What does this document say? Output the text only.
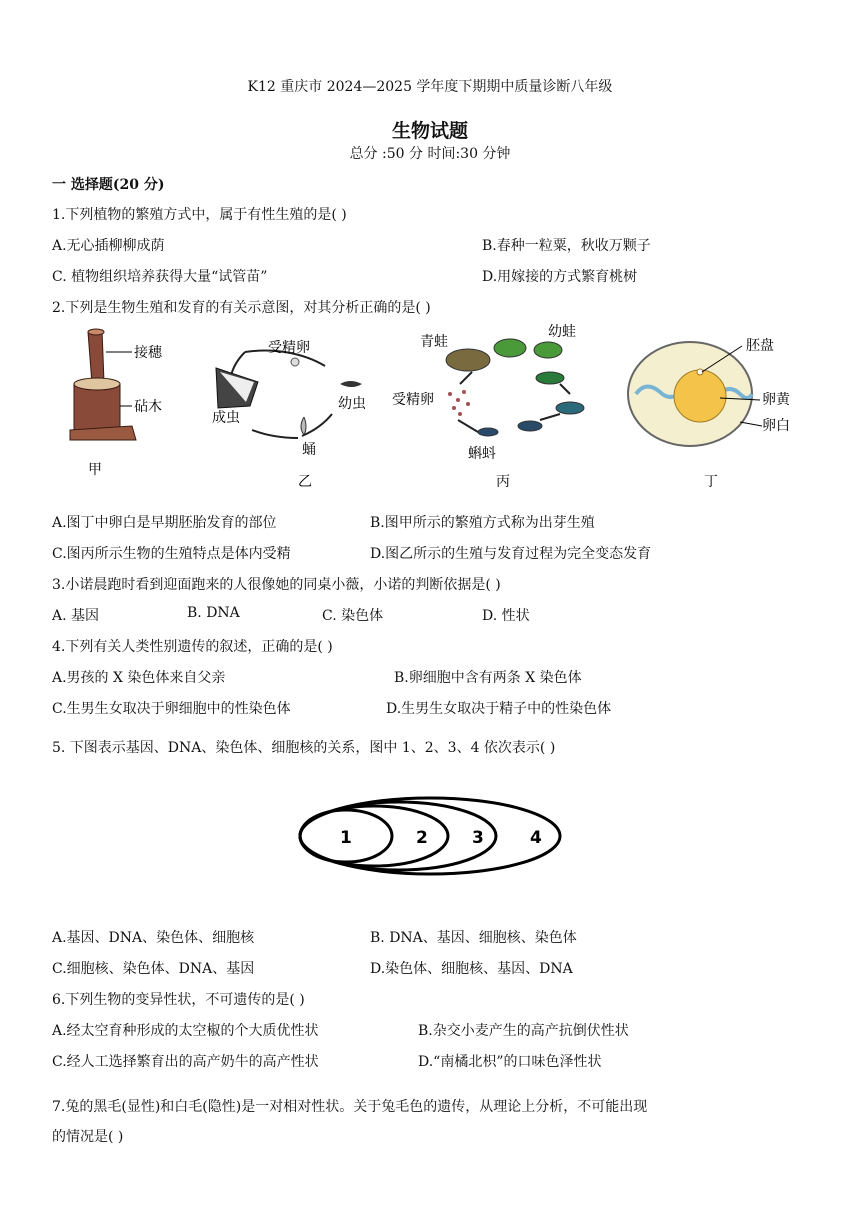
K12 重庆市 2024—2025 学年度下期期中质量诊断八年级
生物试题
总分 :50 分 时间:30 分钟
一 选择题(20 分)
1.下列植物的繁殖方式中，属于有性生殖的是( )
A.无心插柳柳成荫	B.春种一粒粟，秋收万颗子
C. 植物组织培养获得大量“试管苗”	D.用嫁接的方式繁育桃树
2.下列是生物生殖和发育的有关示意图，对其分析正确的是( )
接穗
砧木
甲
受精卵
幼虫
蛹
成虫
乙
青蛙
幼蛙
受精卵
蝌蚪
丙
胚盘
卵黄
卵白
丁
A.图丁中卵白是早期胚胎发育的部位	B.图甲所示的繁殖方式称为出芽生殖
C.图丙所示生物的生殖特点是体内受精	D.图乙所示的生殖与发育过程为完全变态发育
3.小诺晨跑时看到迎面跑来的人很像她的同桌小薇，小诺的判断依据是( )
A. 基因	B. DNA	C. 染色体	D. 性状
4.下列有关人类性别遗传的叙述，正确的是( )
A.男孩的 X 染色体来自父亲	B.卵细胞中含有两条 X 染色体
C.生男生女取决于卵细胞中的性染色体	D.生男生女取决于精子中的性染色体
5. 下图表示基因、DNA、染色体、细胞核的关系，图中 1、2、3、4 依次表示( )
1	2	3	4
A.基因、DNA、染色体、细胞核	B. DNA、基因、细胞核、染色体
C.细胞核、染色体、DNA、基因	D.染色体、细胞核、基因、DNA
6.下列生物的变异性状，不可遗传的是( )
A.经太空育种形成的太空椒的个大质优性状	B.杂交小麦产生的高产抗倒伏性状
C.经人工选择繁育出的高产奶牛的高产性状	D.“南橘北枳”的口味色泽性状
7.兔的黑毛(显性)和白毛(隐性)是一对相对性状。关于兔毛色的遗传，从理论上分析，不可能出现
的情况是( )
